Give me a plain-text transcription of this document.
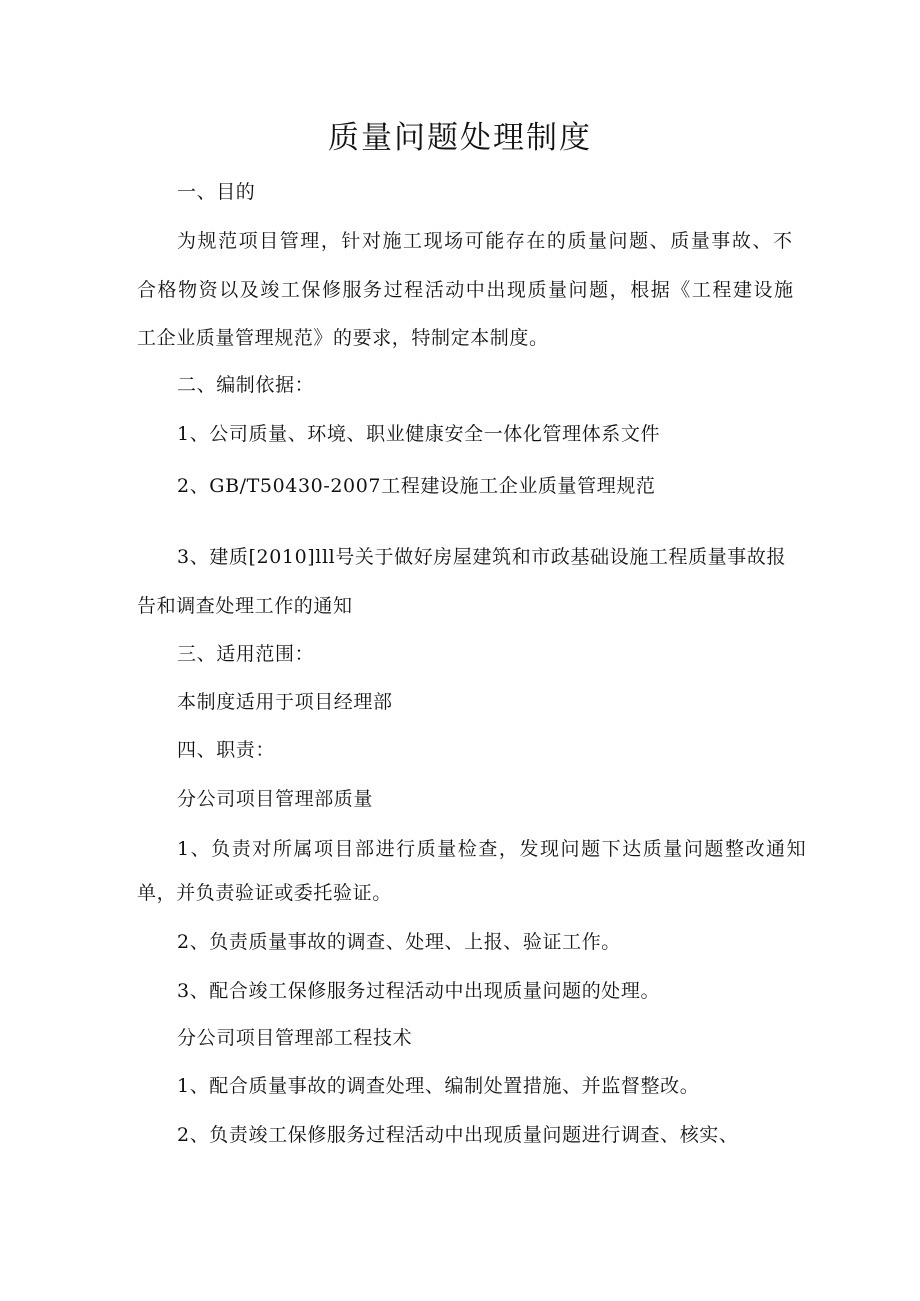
质量问题处理制度

一、目的

为规范项目管理，针对施工现场可能存在的质量问题、质量事故、不

合格物资以及竣工保修服务过程活动中出现质量问题，根据《工程建设施

工企业质量管理规范》的要求，特制定本制度。

二、编制依据：

1、公司质量、环境、职业健康安全一体化管理体系文件

2、GB/T50430-2007工程建设施工企业质量管理规范

3、建质[2010]lll号关于做好房屋建筑和市政基础设施工程质量事故报

告和调查处理工作的通知

三、适用范围：

本制度适用于项目经理部

四、职责：

分公司项目管理部质量

1、负责对所属项目部进行质量检查，发现问题下达质量问题整改通知

单，并负责验证或委托验证。

2、负责质量事故的调查、处理、上报、验证工作。

3、配合竣工保修服务过程活动中出现质量问题的处理。

分公司项目管理部工程技术

1、配合质量事故的调查处理、编制处置措施、并监督整改。

2、负责竣工保修服务过程活动中出现质量问题进行调查、核实、
